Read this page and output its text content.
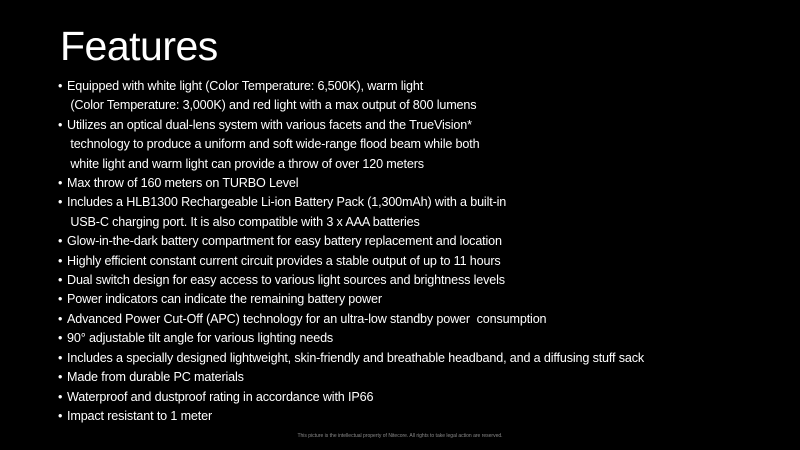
Features
• Equipped with white light (Color Temperature: 6,500K), warm light
(Color Temperature: 3,000K) and red light with a max output of 800 lumens
• Utilizes an optical dual-lens system with various facets and the TrueVision*
technology to produce a uniform and soft wide-range flood beam while both
white light and warm light can provide a throw of over 120 meters
• Max throw of 160 meters on TURBO Level
• Includes a HLB1300 Rechargeable Li-ion Battery Pack (1,300mAh) with a built-in
USB-C charging port. It is also compatible with 3 x AAA batteries
• Glow-in-the-dark battery compartment for easy battery replacement and location
• Highly efficient constant current circuit provides a stable output of up to 11 hours
• Dual switch design for easy access to various light sources and brightness levels
• Power indicators can indicate the remaining battery power
• Advanced Power Cut-Off (APC) technology for an ultra-low standby power  consumption
• 90° adjustable tilt angle for various lighting needs
• Includes a specially designed lightweight, skin-friendly and breathable headband, and a diffusing stuff sack
• Made from durable PC materials
• Waterproof and dustproof rating in accordance with IP66
• Impact resistant to 1 meter
This picture is the intellectual property of Nitecore. All rights to take legal action are reserved.
